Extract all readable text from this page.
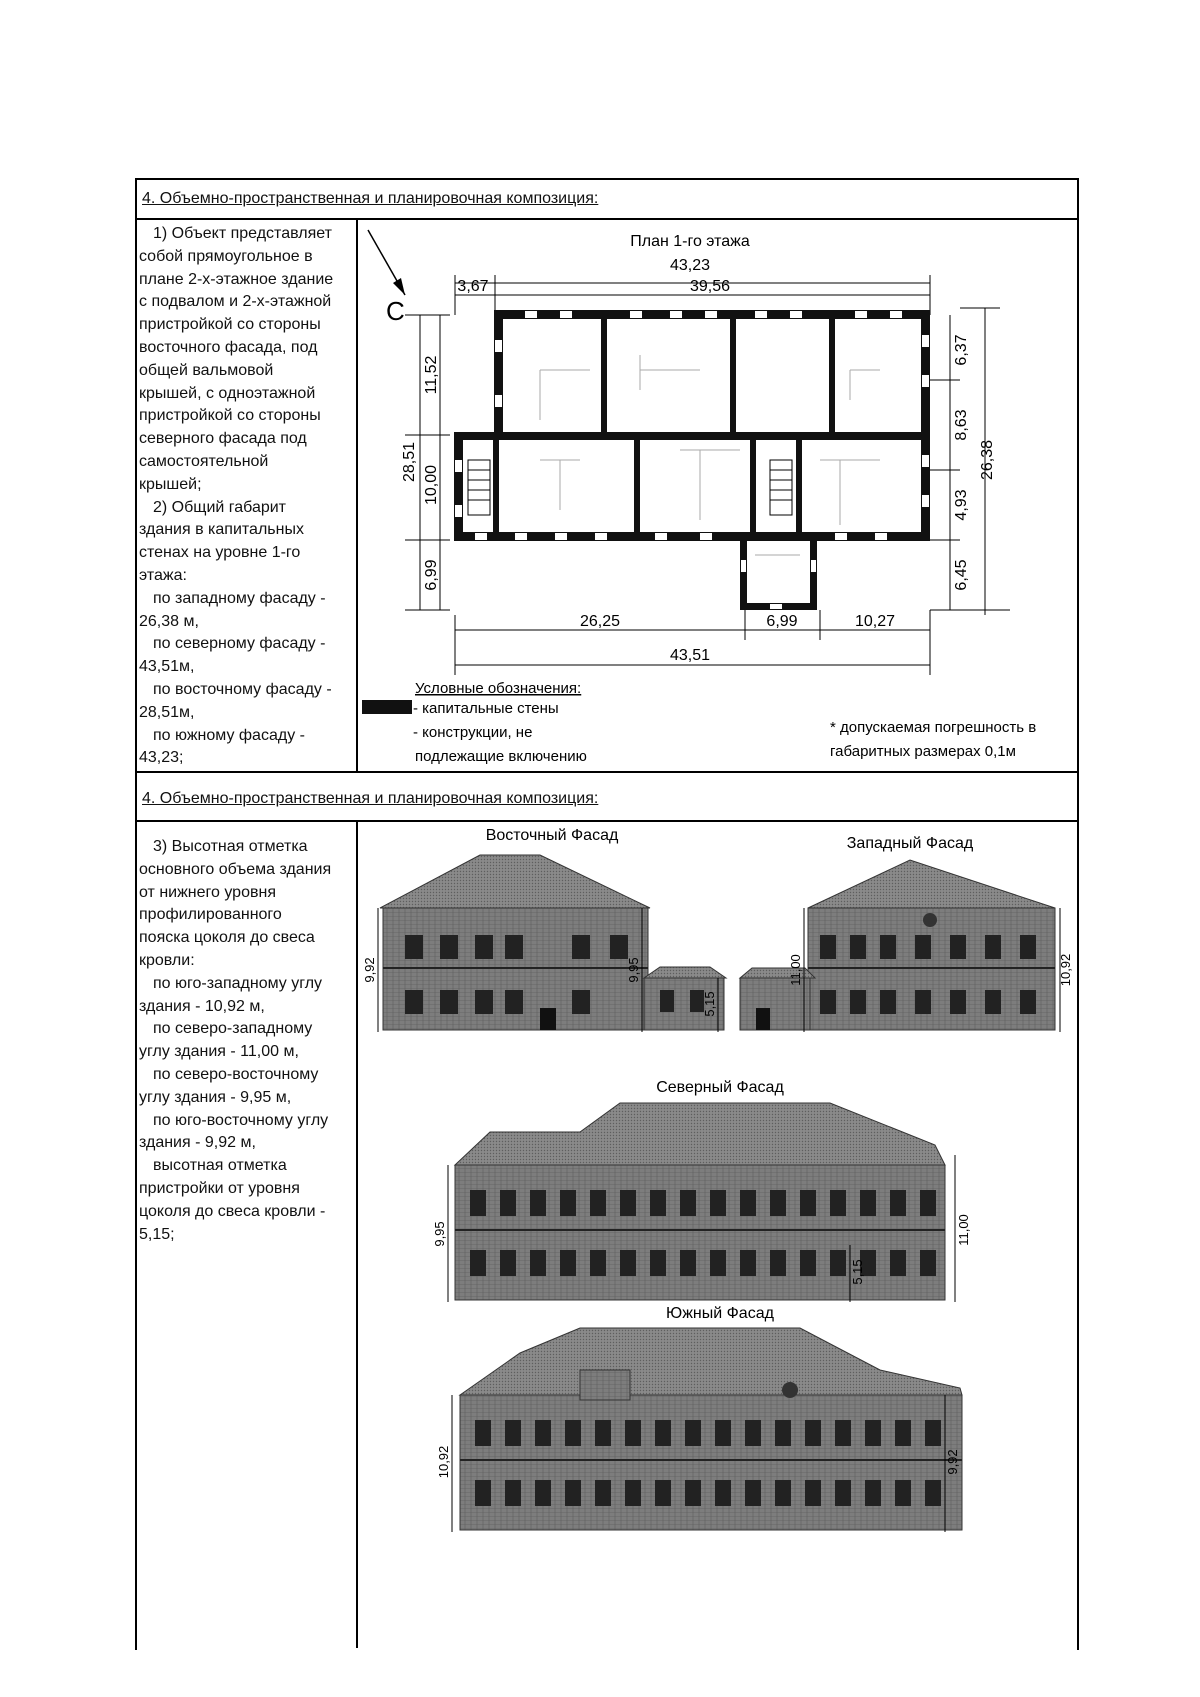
4. Объемно-пространственная и планировочная композиция:

1) Объект представляет

собой прямоугольное в

плане 2-х-этажное здание

с подвалом и 2-х-этажной

пристройкой со стороны

восточного фасада, под

общей вальмовой

крышей, с одноэтажной

пристройкой со стороны

северного фасада под

самостоятельной

крышей;

2) Общий габарит

здания в капитальных

стенах на уровне 1-го

этажа:

по западному фасаду -

26,38 м,

по северному фасаду -

43,51м,

по восточному фасаду -

28,51м,

по южному фасаду -

43,23;

План 1-го этажа
С
43,23
3,67	39,56
26,25	6,99	10,27
43,51
11,52
10,00
6,99
28,51
6,37
8,63
4,93
6,45
26,38
Условные обозначения:
- капитальные стены
- конструкции, не
подлежащие включению
* допускаемая погрешность в
габаритных размерах 0,1м
4. Объемно-пространственная и планировочная композиция:

3) Высотная отметка

основного объема здания

от нижнего уровня

профилированного

пояска цоколя до свеса

кровли:

по юго-западному углу

здания - 10,92 м,

по северо-западному

углу здания - 11,00 м,

по северо-восточному

углу здания - 9,95 м,

по юго-восточному углу

здания - 9,92 м,

высотная отметка

пристройки от уровня

цоколя до свеса кровли -

5,15;

Восточный Фасад
9,92	9,95
5,15
Западный Фасад
11,00	10,92
Северный Фасад
9,95	11,00
5,15
Южный Фасад
10,92	9,92
